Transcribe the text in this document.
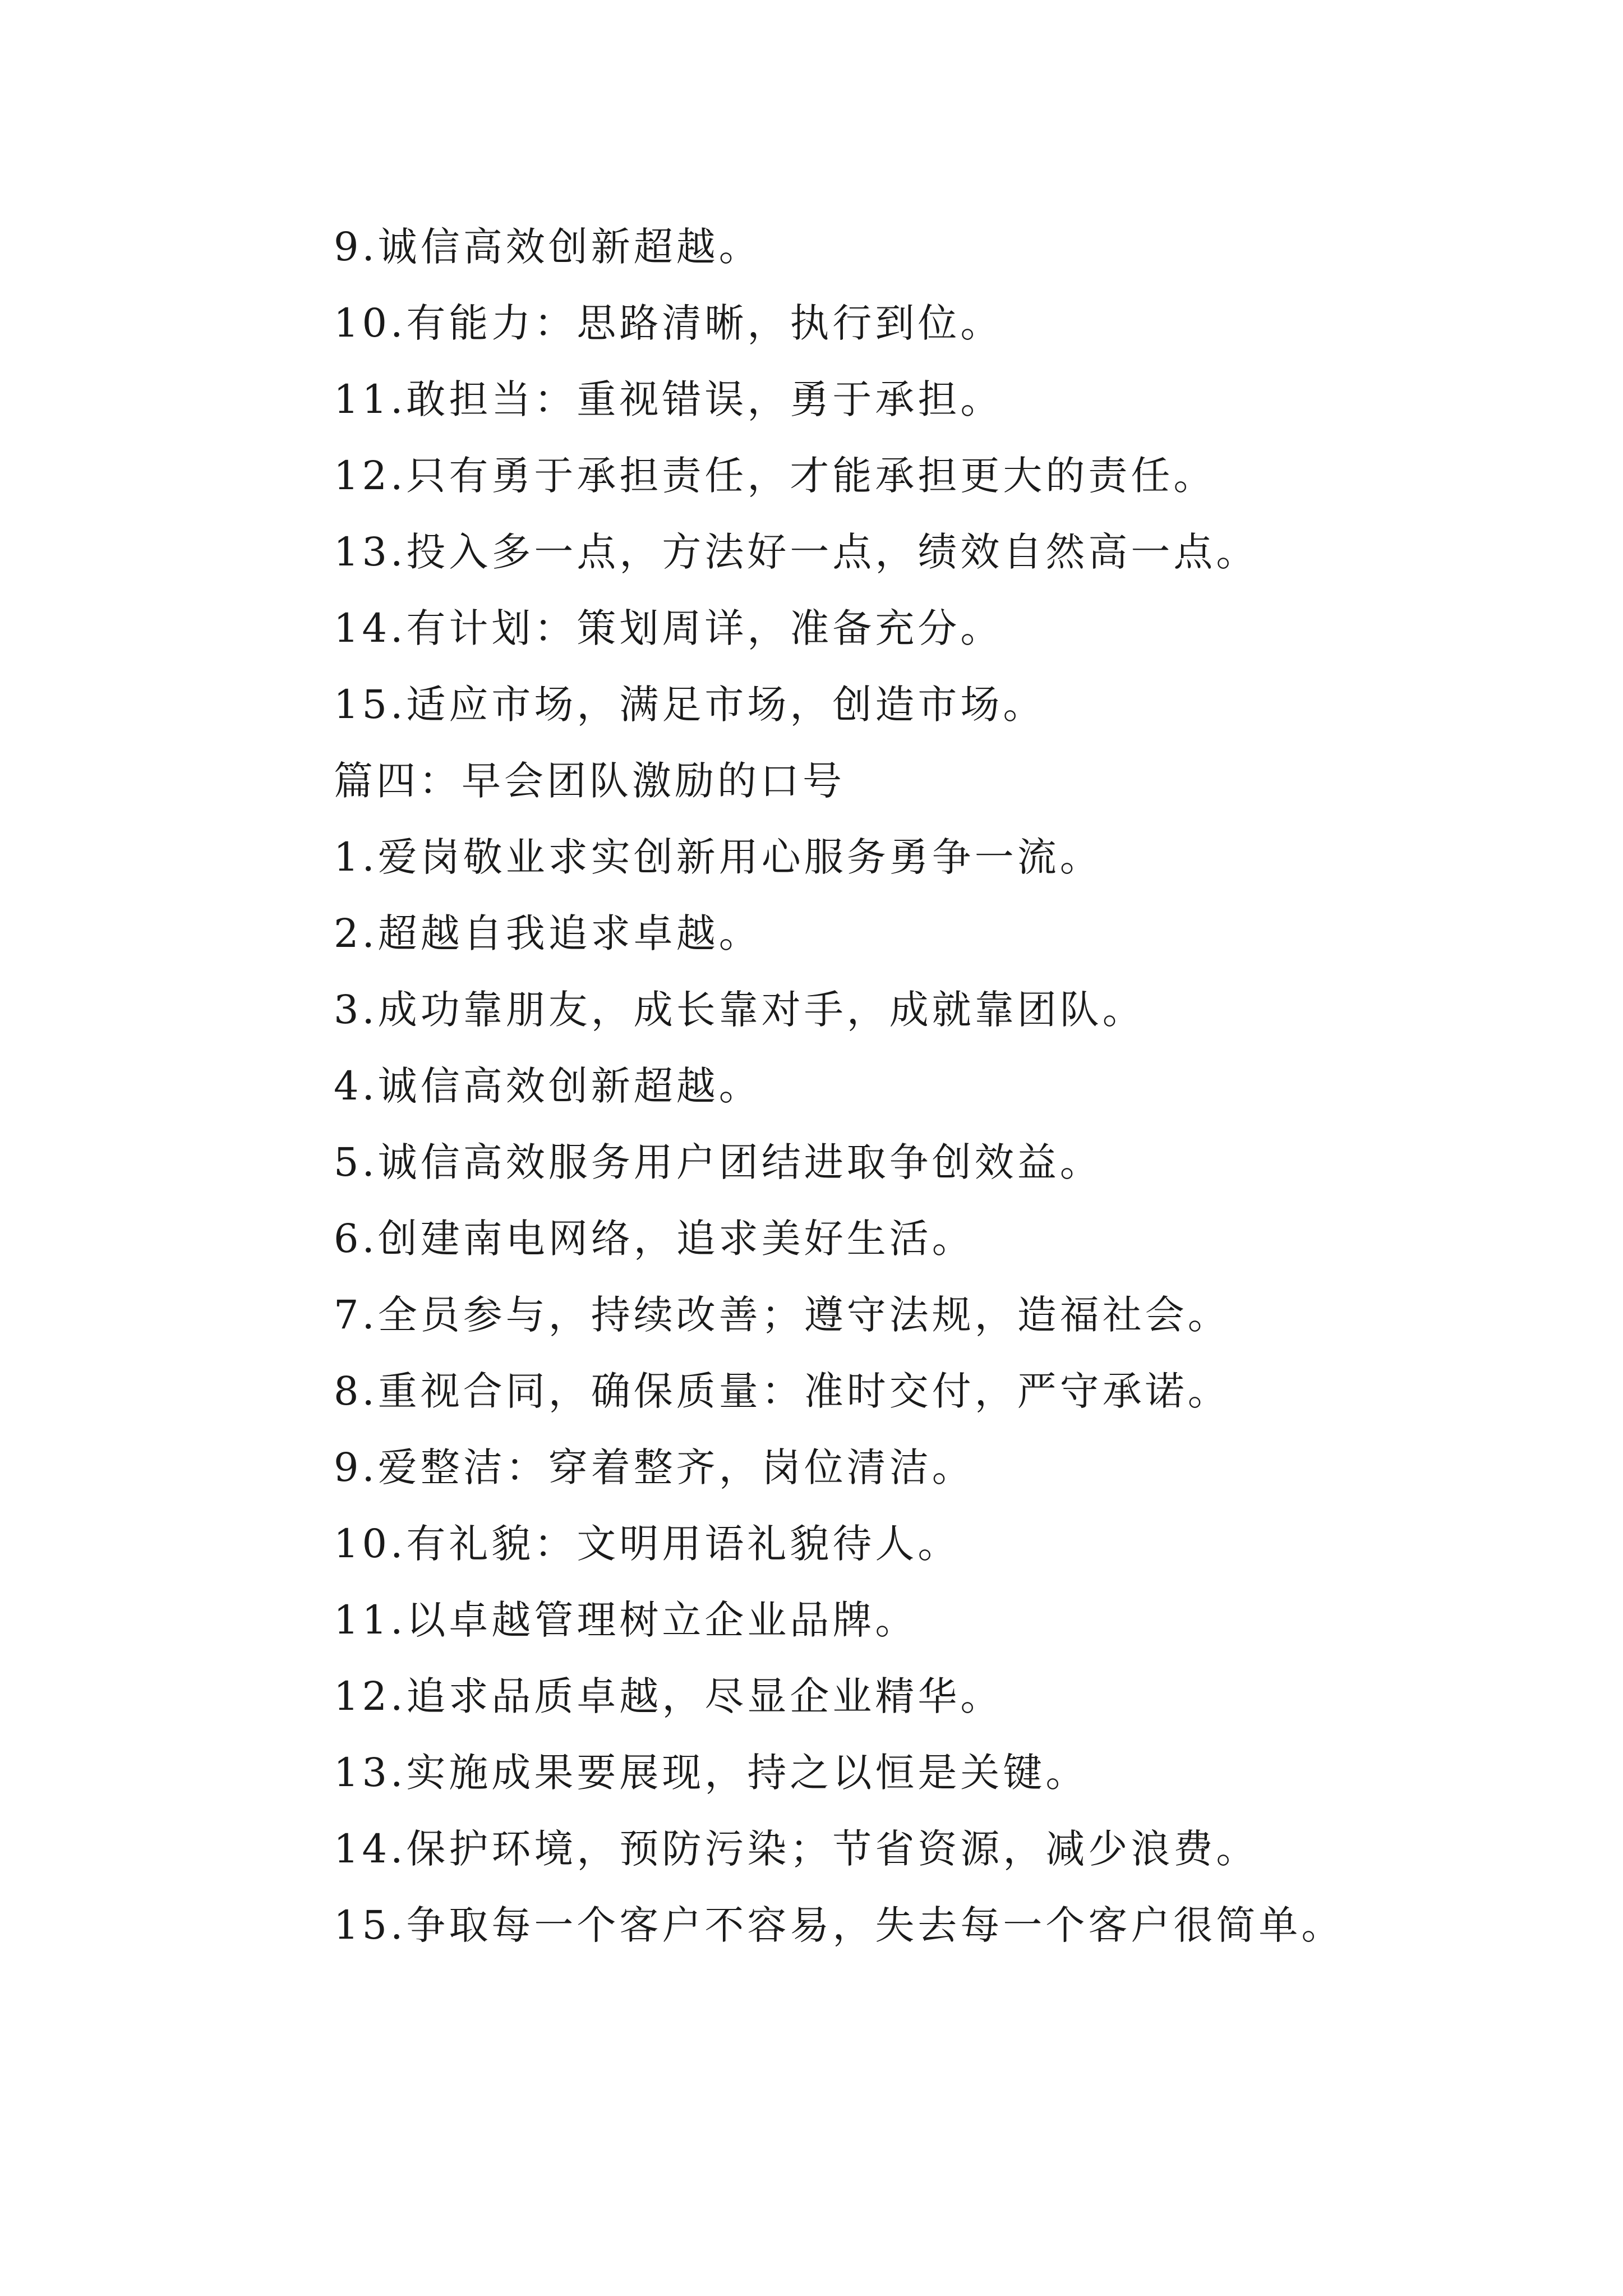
9.诚信高效创新超越。
10.有能力：思路清晰，执行到位。
11.敢担当：重视错误，勇于承担。
12.只有勇于承担责任，才能承担更大的责任。
13.投入多一点，方法好一点，绩效自然高一点。
14.有计划：策划周详，准备充分。
15.适应市场，满足市场，创造市场。
篇四：早会团队激励的口号
1.爱岗敬业求实创新用心服务勇争一流。
2.超越自我追求卓越。
3.成功靠朋友，成长靠对手，成就靠团队。
4.诚信高效创新超越。
5.诚信高效服务用户团结进取争创效益。
6.创建南电网络，追求美好生活。
7.全员参与，持续改善；遵守法规，造福社会。
8.重视合同，确保质量：准时交付，严守承诺。
9.爱整洁：穿着整齐，岗位清洁。
10.有礼貌：文明用语礼貌待人。
11.以卓越管理树立企业品牌。
12.追求品质卓越，尽显企业精华。
13.实施成果要展现，持之以恒是关键。
14.保护环境，预防污染；节省资源，减少浪费。
15.争取每一个客户不容易，失去每一个客户很简单。
